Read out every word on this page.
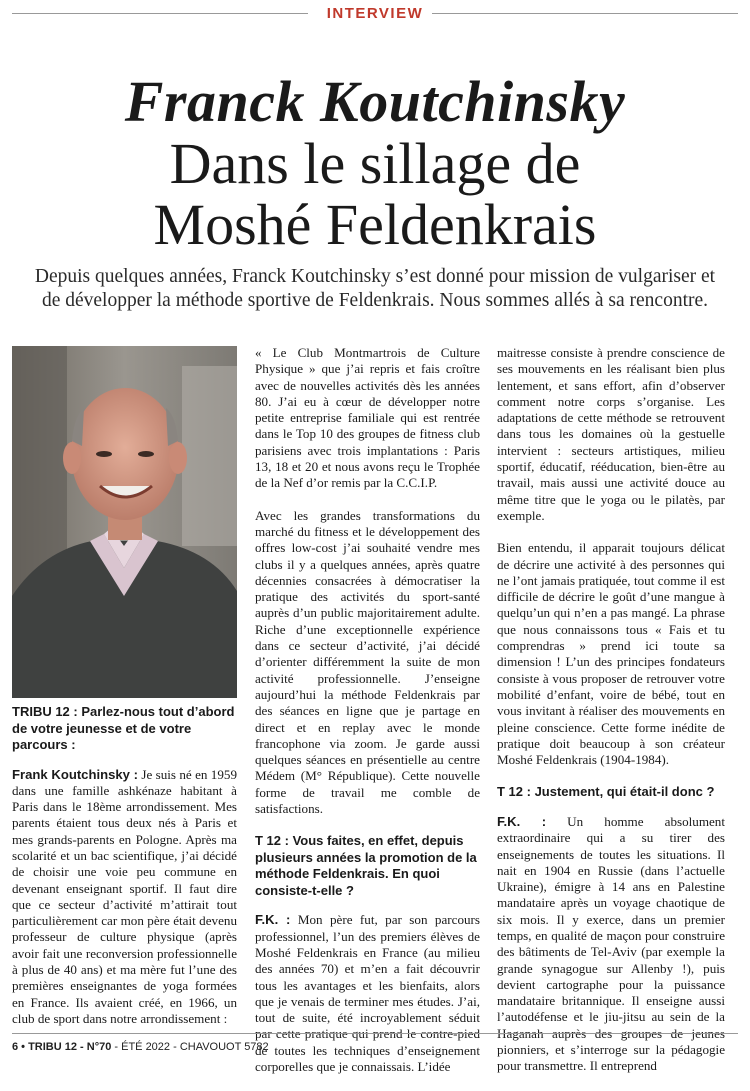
INTERVIEW
Franck Koutchinsky
Dans le sillage de
Moshé Feldenkrais
Depuis quelques années, Franck Koutchinsky s’est donné pour mission de vulgariser et de développer la méthode sportive de Feldenkrais. Nous sommes allés à sa rencontre.

TRIBU 12 : Parlez-nous tout d’abord de votre jeunesse et de votre parcours :

Frank Koutchinsky : Je suis né en 1959 dans une famille ashkénaze habitant à Paris dans le 18ème arrondissement. Mes parents étaient tous deux nés à Paris et mes grands-parents en Pologne. Après ma scolarité et un bac scientifique, j’ai décidé de choisir une voie peu commune en devenant enseignant sportif. Il faut dire que ce secteur d’activité m’attirait tout particulièrement car mon père était devenu professeur de culture physique (après avoir fait une reconversion professionnelle à plus de 40 ans) et ma mère fut l’une des premières enseignantes de yoga formées en France. Ils avaient créé, en 1966, un club de sport dans notre arrondissement :

« Le Club Montmartrois de Culture Physique » que j’ai repris et fais croître avec de nouvelles activités dès les années 80. J’ai eu à cœur de développer notre petite entreprise familiale qui est rentrée dans le Top 10 des groupes de fitness club parisiens avec trois implantations : Paris 13, 18 et 20 et nous avons reçu le Trophée de la Nef d’or remis par la C.C.I.P.

Avec les grandes transformations du marché du fitness et le développement des offres low-cost j’ai souhaité vendre mes clubs il y a quelques années, après quatre décennies consacrées à démocratiser la pratique des activités du sport-santé auprès d’un public majoritairement adulte. Riche d’une exceptionnelle expérience dans ce secteur d’activité, j’ai décidé d’orienter différemment la suite de mon activité professionnelle. J’enseigne aujourd’hui la méthode Feldenkrais par des séances en ligne que je partage en direct et en replay avec le monde francophone via zoom. Je garde aussi quelques séances en présentielle au centre Médem (M° République). Cette nouvelle forme de travail me comble de satisfactions.

T 12 : Vous faites, en effet, depuis plusieurs années la promotion de la méthode Feldenkrais. En quoi consiste-t-elle ?

F.K. : Mon père fut, par son parcours professionnel, l’un des premiers élèves de Moshé Feldenkrais en France (au milieu des années 70) et m’en a fait découvrir tous les avantages et les bienfaits, alors que je venais de terminer mes études. J’ai, tout de suite, été incroyablement séduit par cette pratique qui prend le contre-pied de toutes les techniques d’enseignement corporelles que je connaissais. L’idée

maitresse consiste à prendre conscience de ses mouvements en les réalisant bien plus lentement, et sans effort, afin d’observer comment notre corps s’organise. Les adaptations de cette méthode se retrouvent dans tous les domaines où la gestuelle intervient : secteurs artistiques, milieu sportif, éducatif, rééducation, bien-être au travail, mais aussi une activité douce au même titre que le yoga ou le pilatès, par exemple.

Bien entendu, il apparait toujours délicat de décrire une activité à des personnes qui ne l’ont jamais pratiquée, tout comme il est difficile de décrire le goût d’une mangue à quelqu’un qui n’en a pas mangé. La phrase que nous connaissons tous « Fais et tu comprendras » prend ici toute sa dimension ! L’un des principes fondateurs consiste à vous proposer de retrouver votre mobilité d’enfant, voire de bébé, tout en vous invitant à réaliser des mouvements en pleine conscience. Cette forme inédite de pratique doit beaucoup à son créateur Moshé Feldenkrais (1904-1984).

T 12 : Justement, qui était-il donc ?

F.K. : Un homme absolument extraordinaire qui a su tirer des enseignements de toutes les situations. Il nait en 1904 en Russie (dans l’actuelle Ukraine), émigre à 14 ans en Palestine mandataire après un voyage chaotique de six mois. Il y exerce, dans un premier temps, en qualité de maçon pour construire des bâtiments de Tel-Aviv (par exemple la grande synagogue sur Allenby !), puis devient cartographe pour la puissance mandataire britannique. Il enseigne aussi l’autodéfense et le jiu-jitsu au sein de la Haganah auprès des groupes de jeunes pionniers, et s’interroge sur la pédagogie pour transmettre. Il entreprend

6 • TRIBU 12 - N°70 - ÉTÉ 2022 - CHAVOUOT 5782
